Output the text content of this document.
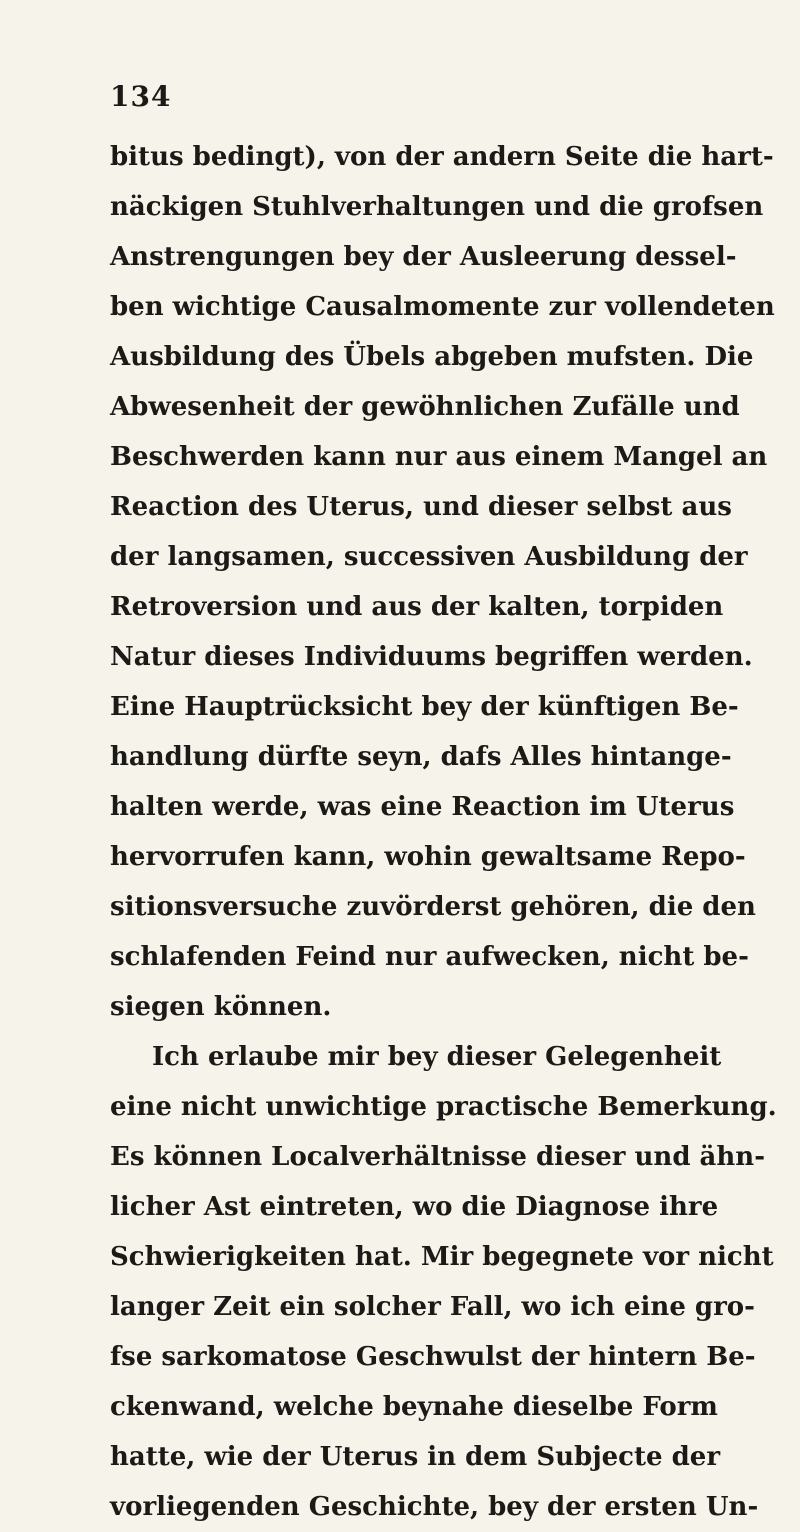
134
bitus bedingt), von der andern Seite die hart-
näckigen Stuhlverhaltungen und die grofsen
Anstrengungen bey der Ausleerung dessel-
ben wichtige Causalmomente zur vollendeten
Ausbildung des Übels abgeben mufsten. Die
Abwesenheit der gewöhnlichen Zufälle und
Beschwerden kann nur aus einem Mangel an
Reaction des Uterus, und dieser selbst aus
der langsamen, successiven Ausbildung der
Retroversion und aus der kalten, torpiden
Natur dieses Individuums begriffen werden.
Eine Hauptrücksicht bey der künftigen Be-
handlung dürfte seyn, dafs Alles hintange-
halten werde, was eine Reaction im Uterus
hervorrufen kann, wohin gewaltsame Repo-
sitionsversuche zuvörderst gehören, die den
schlafenden Feind nur aufwecken, nicht be-
siegen können.
Ich erlaube mir bey dieser Gelegenheit
eine nicht unwichtige practische Bemerkung.
Es können Localverhältnisse dieser und ähn-
licher Ast eintreten, wo die Diagnose ihre
Schwierigkeiten hat. Mir begegnete vor nicht
langer Zeit ein solcher Fall, wo ich eine gro-
fse sarkomatose Geschwulst der hintern Be-
ckenwand, welche beynahe dieselbe Form
hatte, wie der Uterus in dem Subjecte der
vorliegenden Geschichte, bey der ersten Un-
